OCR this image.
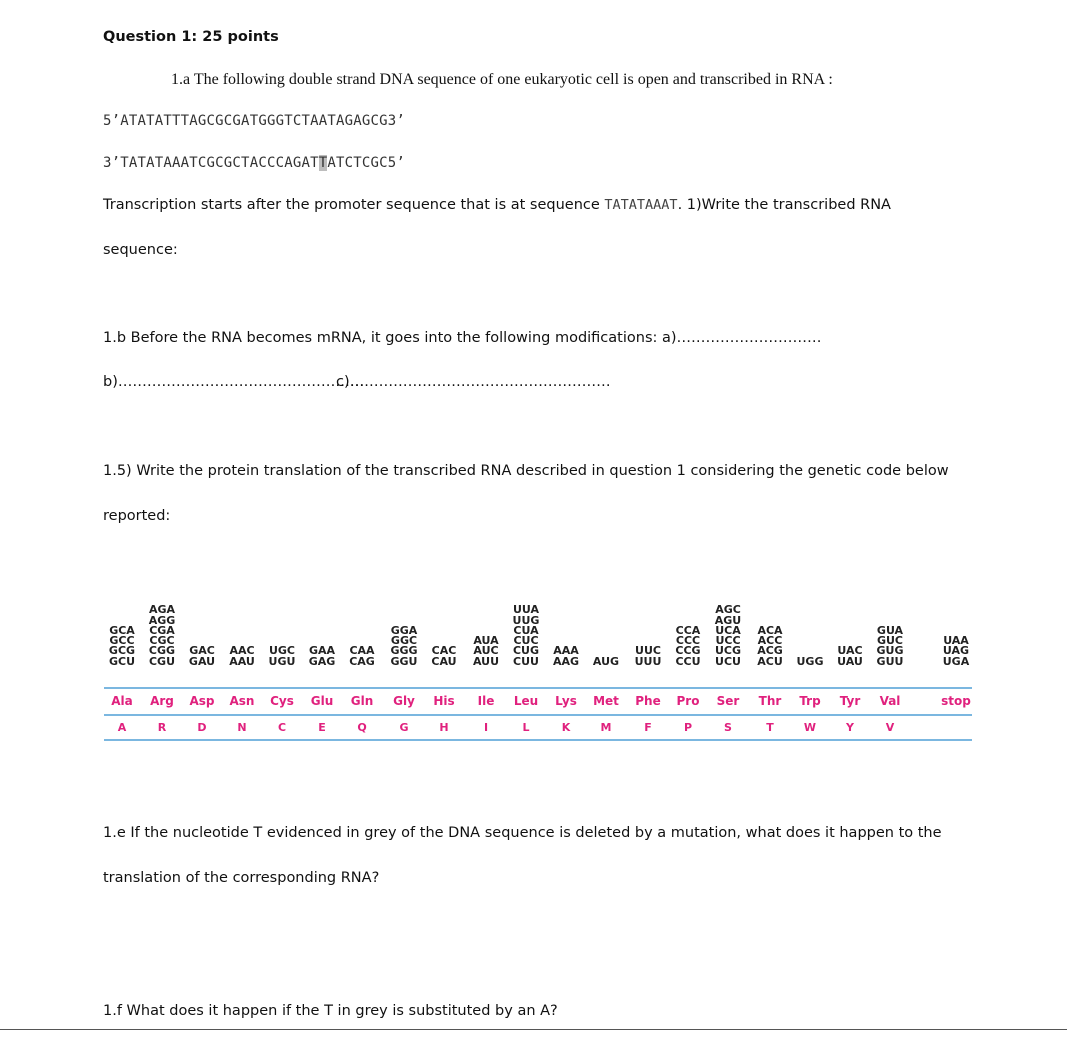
Question 1: 25 points
1.a The following double strand DNA sequence of one eukaryotic cell is open and transcribed in RNA :
5’ATATATTTAGCGCGATGGGTCTAATAGAGCG3’
3’TATATAAATCGCGCTACCCAGATTATCTCGC5’
Transcription starts after the promoter sequence that is at sequence TATATAAAT. 1)Write the transcribed RNA
sequence:
1.b Before the RNA becomes mRNA, it goes into the following modifications: a)…………………………
b)……………………………………………
c)………………………………………………
1.5) Write the protein translation of the transcribed RNA described in question 1 considering the genetic code below
reported:
GCA
GCC
GCG
GCU
Ala
A
AGA
AGG
CGA
CGC
CGG
CGU
Arg
R
GAC
GAU
Asp
D
AAC
AAU
Asn
N
UGC
UGU
Cys
C
GAA
GAG
Glu
E
CAA
CAG
Gln
Q
GGA
GGC
GGG
GGU
Gly
G
CAC
CAU
His
H
AUA
AUC
AUU
Ile
I
UUA
UUG
CUA
CUC
CUG
CUU
Leu
L
AAA
AAG
Lys
K
AUG
Met
M
UUC
UUU
Phe
F
CCA
CCC
CCG
CCU
Pro
P
AGC
AGU
UCA
UCC
UCG
UCU
Ser
S
ACA
ACC
ACG
ACU
Thr
T
UGG
Trp
W
UAC
UAU
Tyr
Y
GUA
GUC
GUG
GUU
Val
V
UAA
UAG
UGA
stop
1.e If the nucleotide T evidenced in grey of the DNA sequence is deleted by a mutation, what does it happen to the
translation of the corresponding RNA?
1.f What does it happen if the T in grey is substituted by an A?
